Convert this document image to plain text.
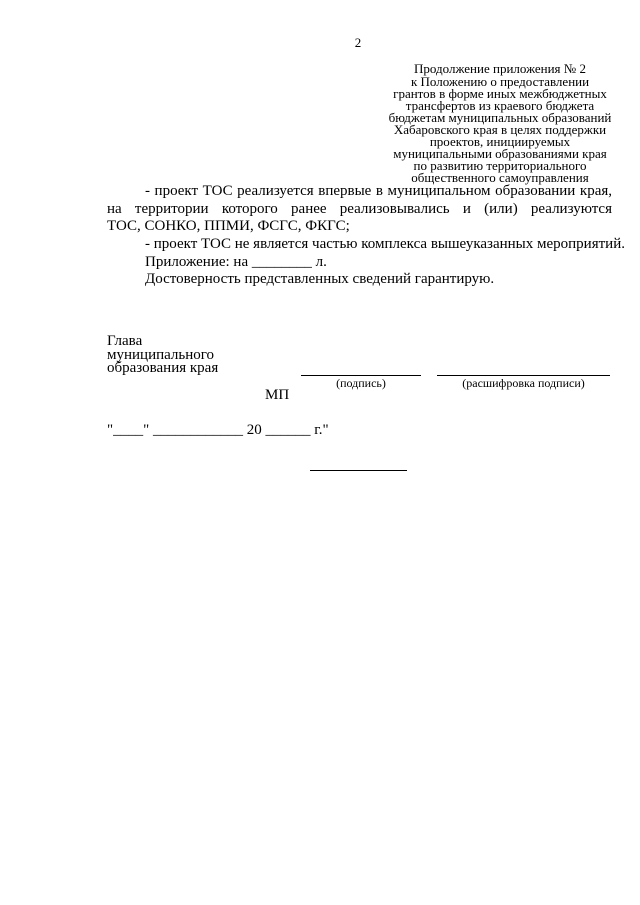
2
Продолжение приложения № 2
к Положению о предоставлении
грантов в форме иных межбюджетных
трансфертов из краевого бюджета
бюджетам муниципальных образований
Хабаровского края в целях поддержки
проектов, инициируемых
муниципальными образованиями края
по развитию территориального
общественного самоуправления
- проект ТОС реализуется впервые в муниципальном образовании края,
на территории которого ранее реализовывались и (или) реализуются
ТОС, СОНКО, ППМИ, ФСГС, ФКГС;
- проект ТОС не является частью комплекса вышеуказанных мероприятий.
Приложение: на ________ л.
Достоверность представленных сведений гарантирую.
Глава
муниципального
образования края
(подпись)	(расшифровка подписи)
МП
"____" ____________ 20 ______ г."
